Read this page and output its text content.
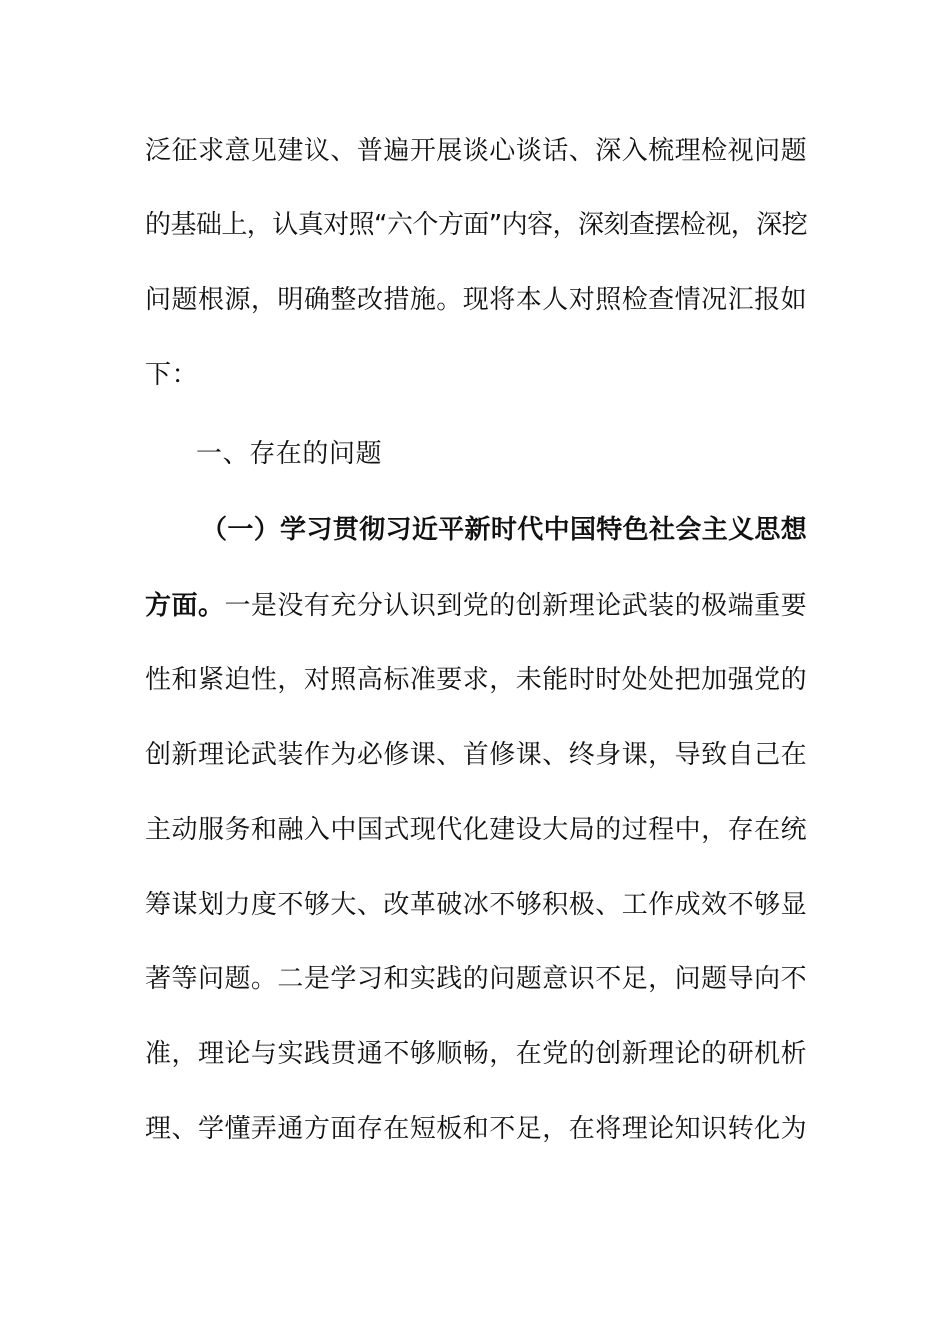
泛征求意见建议、普遍开展谈心谈话、深入梳理检视问题
的基础上，认真对照“六个方面”内容，深刻查摆检视，深挖
问题根源，明确整改措施。现将本人对照检查情况汇报如
下：
一、存在的问题
（一）学习贯彻习近平新时代中国特色社会主义思想
方面。一是没有充分认识到党的创新理论武装的极端重要
性和紧迫性，对照高标准要求，未能时时处处把加强党的
创新理论武装作为必修课、首修课、终身课，导致自己在
主动服务和融入中国式现代化建设大局的过程中，存在统
筹谋划力度不够大、改革破冰不够积极、工作成效不够显
著等问题。二是学习和实践的问题意识不足，问题导向不
准，理论与实践贯通不够顺畅，在党的创新理论的研机析
理、学懂弄通方面存在短板和不足，在将理论知识转化为
